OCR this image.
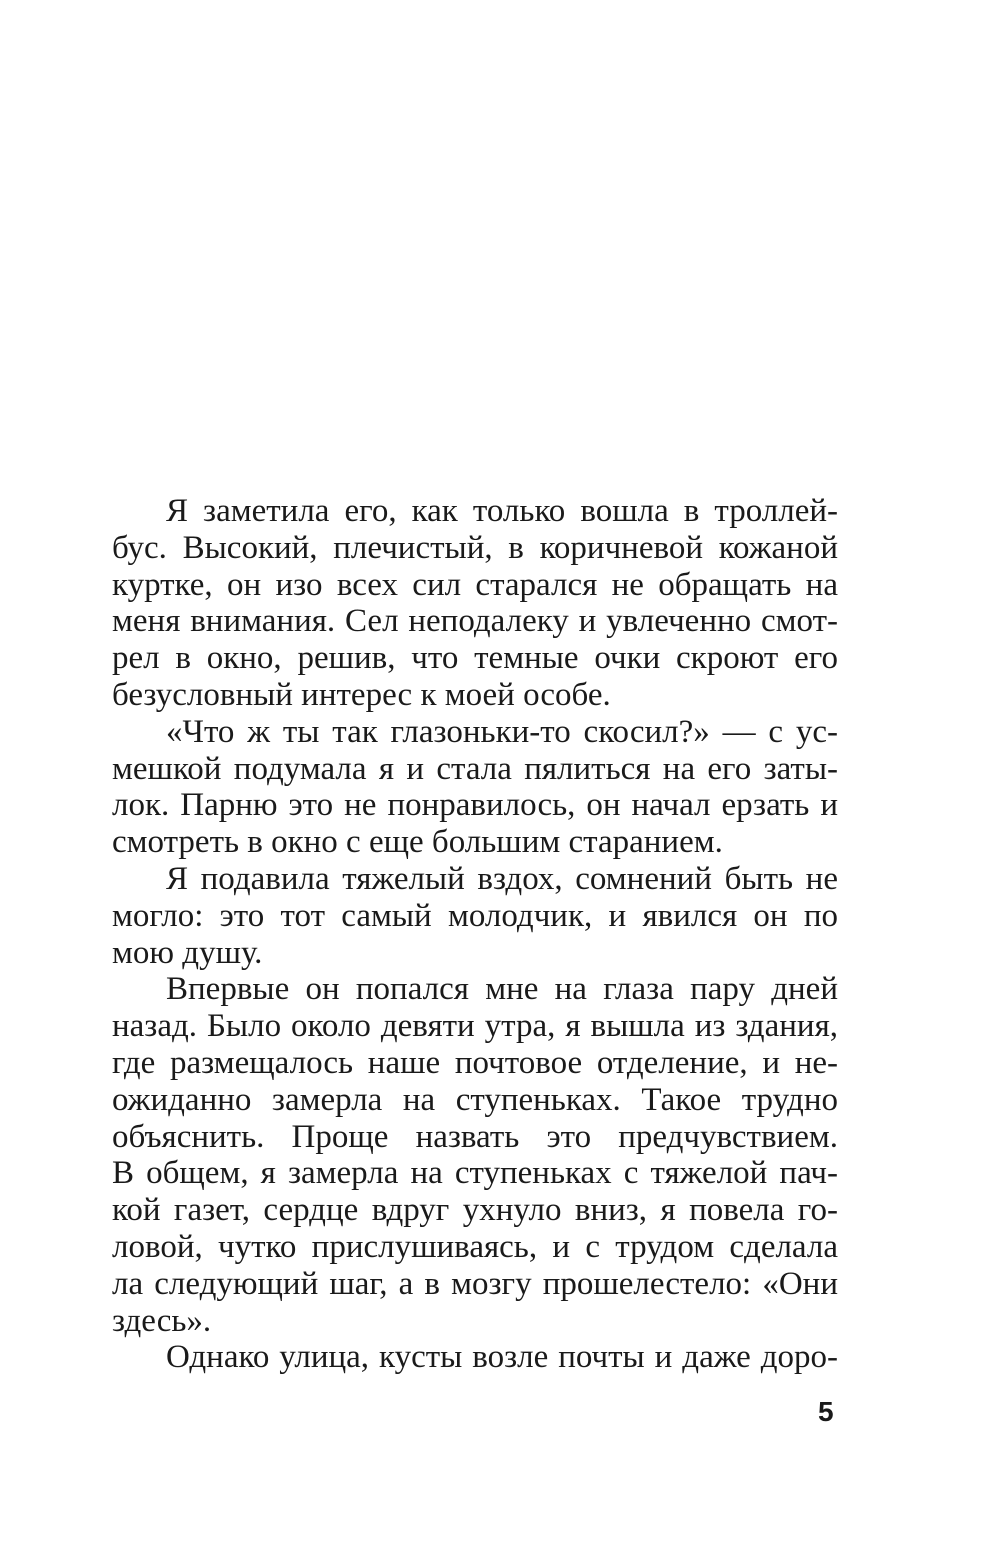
Я заметила его, как только вошла в троллей-
бус. Высокий, плечистый, в коричневой кожаной
куртке, он изо всех сил старался не обращать на
меня внимания. Сел неподалеку и увлеченно смот-
рел в окно, решив, что темные очки скроют его
безусловный интерес к моей особе.
«Что ж ты так глазоньки-то скосил?» — с ус-
мешкой подумала я и стала пялиться на его заты-
лок. Парню это не понравилось, он начал ерзать и
смотреть в окно с еще большим старанием.
Я подавила тяжелый вздох, сомнений быть не
могло: это тот самый молодчик, и явился он по
мою душу.
Впервые он попался мне на глаза пару дней
назад. Было около девяти утра, я вышла из здания,
где размещалось наше почтовое отделение, и не-
ожиданно замерла на ступеньках. Такое трудно
объяснить. Проще назвать это предчувствием.
В общем, я замерла на ступеньках с тяжелой пач-
кой газет, сердце вдруг ухнуло вниз, я повела го-
ловой, чутко прислушиваясь, и с трудом сделала
ла следующий шаг, а в мозгу прошелестело: «Они
здесь».
Однако улица, кусты возле почты и даже доро-
5
